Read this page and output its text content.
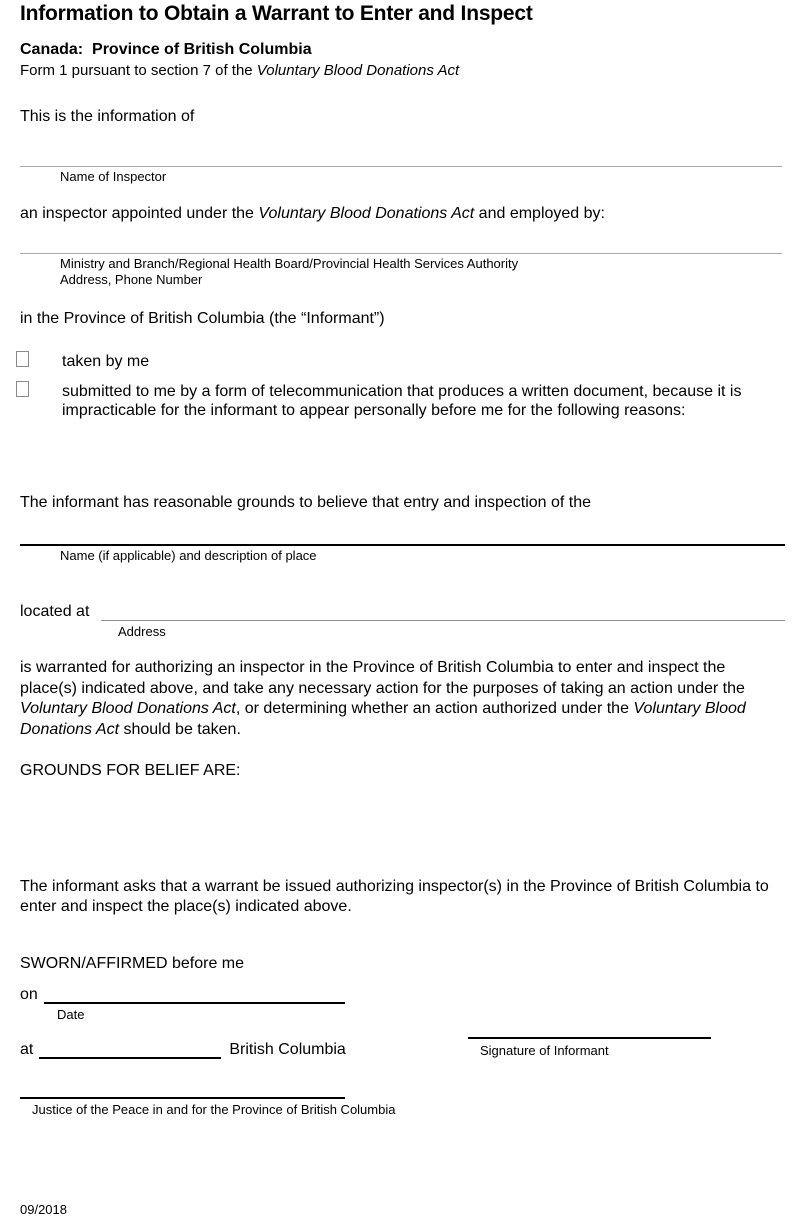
Information to Obtain a Warrant to Enter and Inspect
Canada:  Province of British Columbia
Form 1 pursuant to section 7 of the Voluntary Blood Donations Act
This is the information of
Name of Inspector
an inspector appointed under the Voluntary Blood Donations Act and employed by:
Ministry and Branch/Regional Health Board/Provincial Health Services Authority
Address, Phone Number
in the Province of British Columbia (the “Informant”)
taken by me
submitted to me by a form of telecommunication that produces a written document, because it is impracticable for the informant to appear personally before me for the following reasons:
The informant has reasonable grounds to believe that entry and inspection of the
Name (if applicable) and description of place
located at
Address
is warranted for authorizing an inspector in the Province of British Columbia to enter and inspect the place(s) indicated above, and take any necessary action for the purposes of taking an action under the Voluntary Blood Donations Act, or determining whether an action authorized under the Voluntary Blood Donations Act should be taken.
GROUNDS FOR BELIEF ARE:
The informant asks that a warrant be issued authorizing inspector(s) in the Province of British Columbia to enter and inspect the place(s) indicated above.
SWORN/AFFIRMED before me
on
Date
at	British Columbia	Signature of Informant
Justice of the Peace in and for the Province of British Columbia
09/2018
